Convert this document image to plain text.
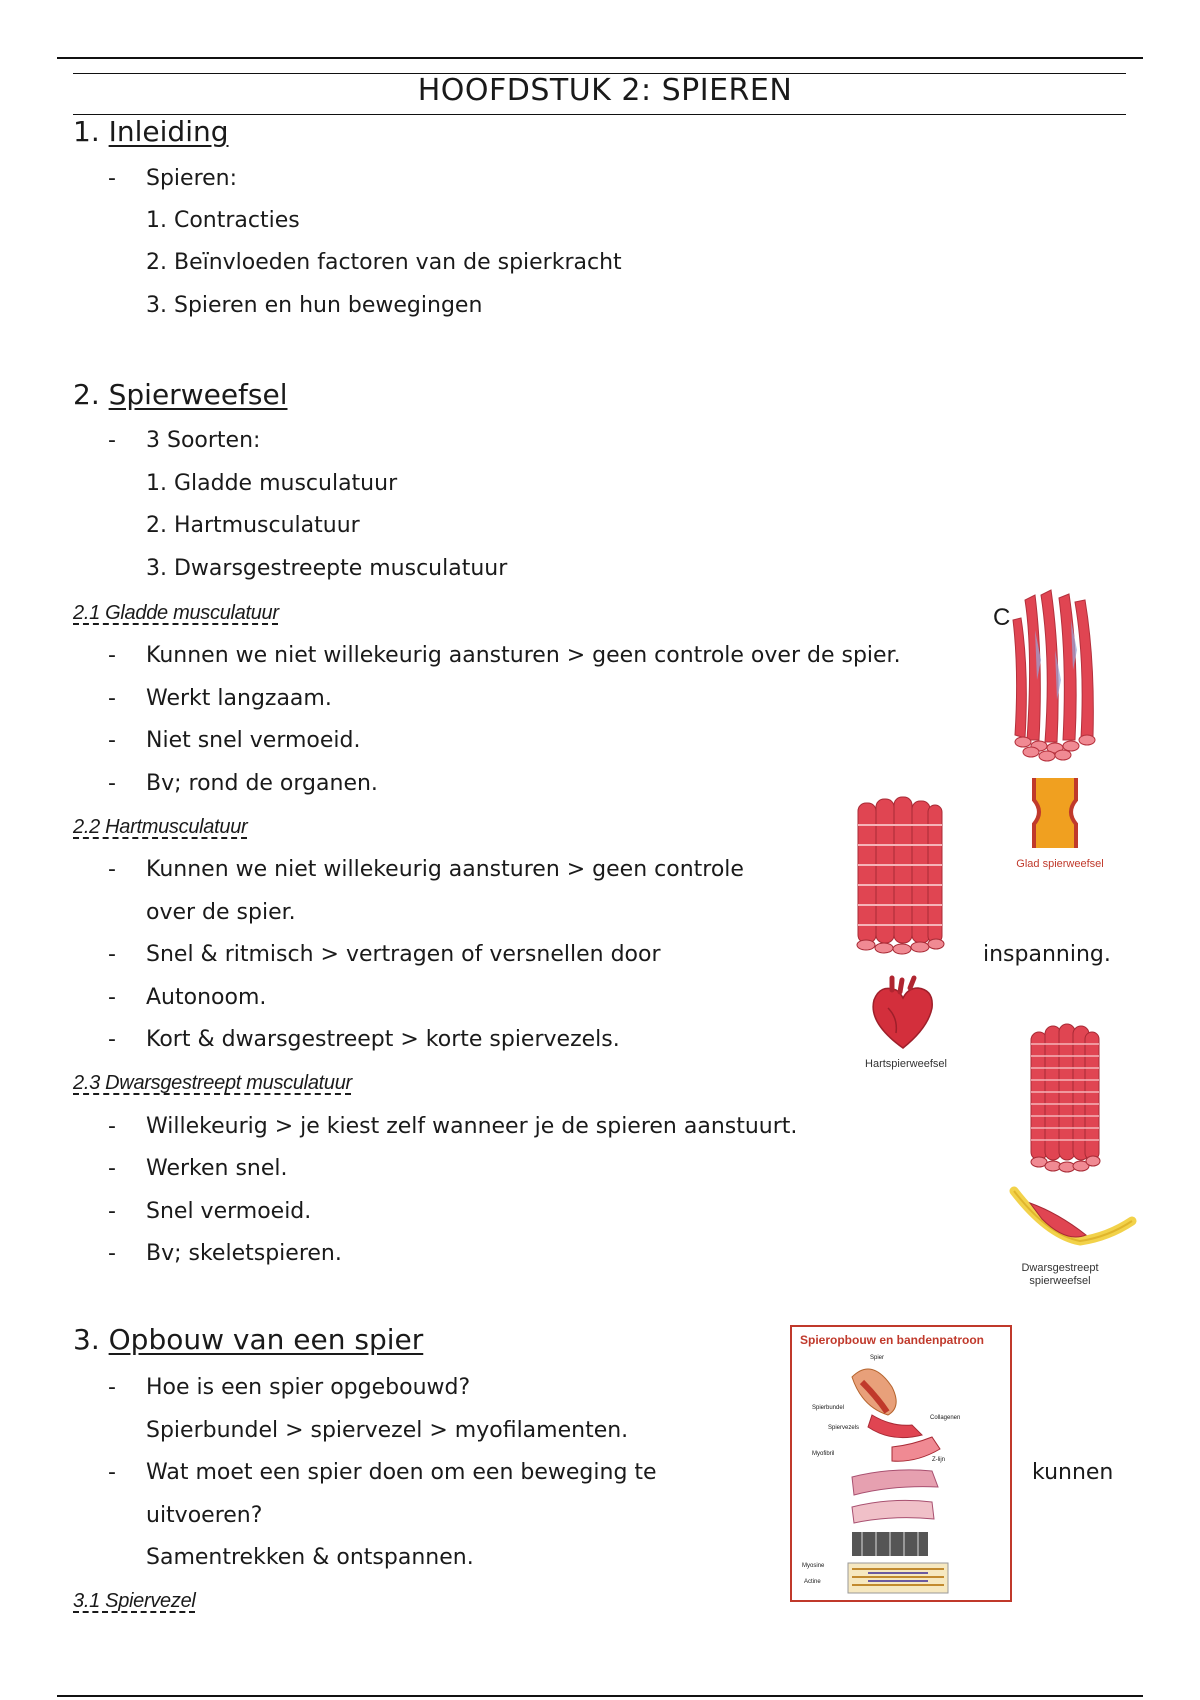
HOOFDSTUK 2: SPIEREN
1. Inleiding
- Spieren:
1. Contracties
2. Beïnvloeden factoren van de spierkracht
3. Spieren en hun bewegingen
2. Spierweefsel
- 3 Soorten:
1. Gladde musculatuur
2. Hartmusculatuur
3. Dwarsgestreepte musculatuur
2.1 Gladde musculatuur
- Kunnen we niet willekeurig aansturen > geen controle over de spier.
- Werkt langzaam.
- Niet snel vermoeid.
- Bv; rond de organen.
2.2 Hartmusculatuur
- Kunnen we niet willekeurig aansturen > geen controle
over de spier.
- Snel & ritmisch > vertragen of versnellen door	inspanning.
- Autonoom.
- Kort & dwarsgestreept > korte spiervezels.
2.3 Dwarsgestreept musculatuur
- Willekeurig > je kiest zelf wanneer je de spieren aanstuurt.
- Werken snel.
- Snel vermoeid.
- Bv; skeletspieren.
3. Opbouw van een spier
- Hoe is een spier opgebouwd?
Spierbundel > spiervezel > myofilamenten.
- Wat moet een spier doen om een beweging te	kunnen
uitvoeren?
Samentrekken & ontspannen.
3.1 Spiervezel
C
Glad spierweefsel
Hartspierweefsel
Dwarsgestreept
spierweefsel
Spieropbouw en bandenpatroon
Spier
Spierbundel
Spiervezels
Collagenen
Myofibril
Z-lijn
Myosine
Actine
